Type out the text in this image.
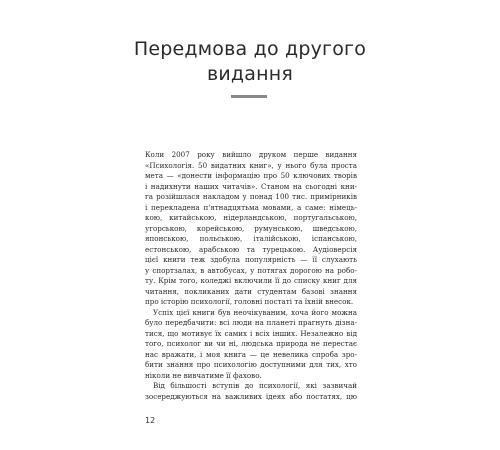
Передмова до другого
видання
Коли 2007 року вийшло друком перше видання
«Психологія. 50 видатних книг», у нього була проста
мета — «донести інформацію про 50 ключових творів
і надихнути наших читачів». Станом на сьогодні кни-
га розійшлася накладом у понад 100 тис. примірників
і перекладена п'ятнадцятьма мовами, а саме: німець-
кою, китайською, нідерландською, португальською,
угорською, корейською, румунською, шведською,
японською, польською, італійською, іспанською,
естонською, арабською та турецькою. Аудіоверсія
цієї книги теж здобула популярність — її слухають
у спортзалах, в автобусах, у потягах дорогою на робо-
ту. Крім того, коледжі включили її до списку книг для
читання, покликаних дати студентам базові знання
про історію психології, головні постаті та їхній внесок.
Успіх цієї книги був неочікуваним, хоча його можна
було передбачити: всі люди на планеті прагнуть дізна-
тися, що мотивує їх самих і всіх інших. Незалежно від
того, психолог ви чи ні, людська природа не перестає
нас вражати, і моя книга — це невелика спроба зро-
бити знання про психологію доступними для тих, хто
ніколи не вивчатиме її фахово.
Від більшості вступів до психології, які зазвичай
зосереджуються на важливих ідеях або постатях, цю
12
